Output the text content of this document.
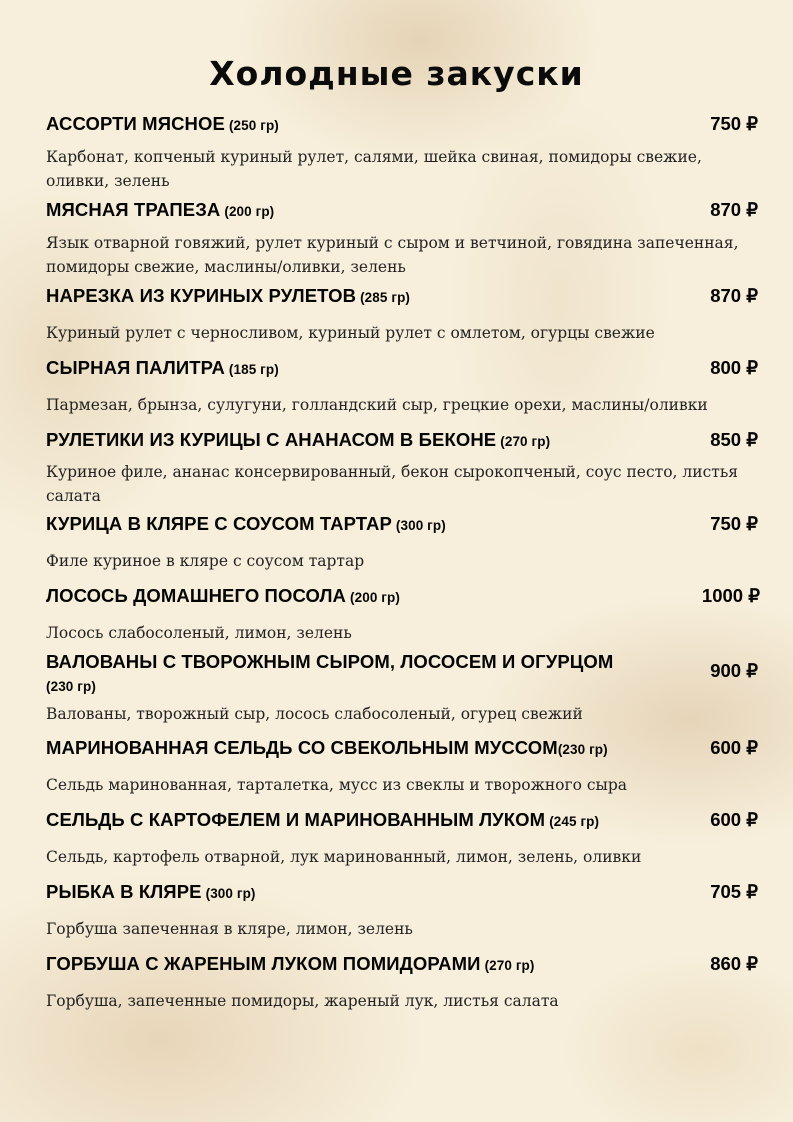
Холодные закуски
750 ₽
АССОРТИ МЯСНОЕ (250 гр)
Карбонат, копченый куриный рулет, салями, шейка свиная, помидоры свежие, оливки, зелень
870 ₽
МЯСНАЯ ТРАПЕЗА (200 гр)
Язык отварной говяжий, рулет куриный с сыром и ветчиной, говядина запеченная, помидоры свежие, маслины/оливки, зелень
870 ₽
НАРЕЗКА ИЗ КУРИНЫХ РУЛЕТОВ (285 гр)
Куриный рулет с черносливом, куриный рулет с омлетом, огурцы свежие
800 ₽
СЫРНАЯ ПАЛИТРА (185 гр)
Пармезан, брынза, сулугуни, голландский сыр, грецкие орехи, маслины/оливки
850 ₽
РУЛЕТИКИ ИЗ КУРИЦЫ С АНАНАСОМ В БЕКОНЕ (270 гр)
Куриное филе, ананас консервированный, бекон сырокопченый, соус песто, листья салата
750 ₽
КУРИЦА В КЛЯРЕ С СОУСОМ ТАРТАР (300 гр)
Филе куриное в кляре с соусом тартар
1000 ₽
ЛОСОСЬ ДОМАШНЕГО ПОСОЛА (200 гр)
Лосось слабосоленый, лимон, зелень
900 ₽
ВАЛОВАНЫ С ТВОРОЖНЫМ СЫРОМ, ЛОСОСЕМ И ОГУРЦОМ
(230 гр)
Валованы, творожный сыр, лосось слабосоленый, огурец свежий
600 ₽
МАРИНОВАННАЯ СЕЛЬДЬ СО СВЕКОЛЬНЫМ МУССОМ(230 гр)
Сельдь маринованная, тарталетка, мусс из свеклы и творожного сыра
600 ₽
СЕЛЬДЬ С КАРТОФЕЛЕМ И МАРИНОВАННЫМ ЛУКОМ (245 гр)
Сельдь, картофель отварной, лук маринованный, лимон, зелень, оливки
705 ₽
РЫБКА В КЛЯРЕ (300 гр)
Горбуша запеченная в кляре, лимон, зелень
860 ₽
ГОРБУША С ЖАРЕНЫМ ЛУКОМ ПОМИДОРАМИ (270 гр)
Горбуша, запеченные помидоры, жареный лук, листья салата
